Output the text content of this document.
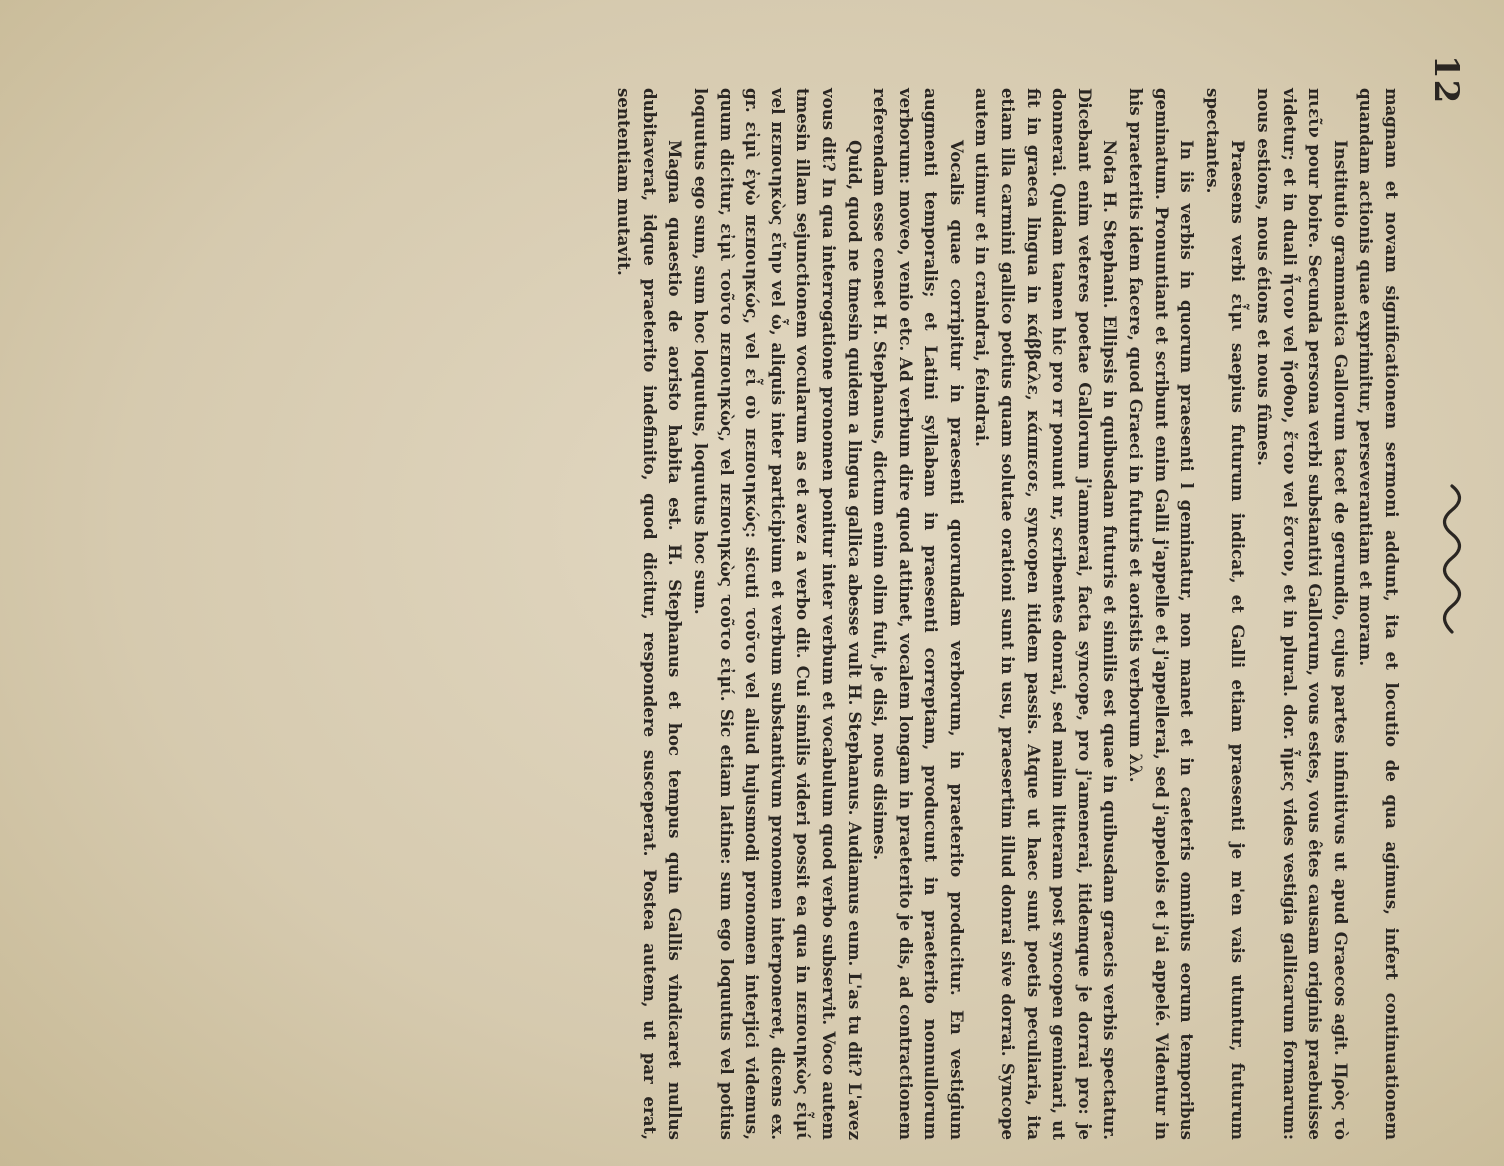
12

magnam et novam significationem sermoni addunt, ita et locutio de qua agimus, infert continuationem quandam actionis quae exprimitur, perseverantiam et moram.

Institutio grammatica Gallorum tacet de gerundio, cujus partes infinitivus ut apud Graecos agit. Πρὸς τὸ πιεῖν pour boire. Secunda persona verbi substantivi Gallorum, vous estes, vous êtes causam originis praebuisse videtur; et in duali ἦτον vel ἤσθον, ἔτον vel ἔστον, et in plural. dor. ἦμες vides vestigia gallicarum formarum: nous estions, nous étions et nous fûmes.

Praesens verbi εἶμι saepius futurum indicat, et Galli etiam praesenti je m'en vais utuntur, futurum spectantes.

In iis verbis in quorum praesenti l geminatur, non manet et in caeteris omnibus eorum temporibus geminatum. Pronuntiant et scribunt enim Galli j'appelle et j'appellerai, sed j'appelois et j'ai appelé. Videntur in his praeteritis idem facere, quod Graeci in futuris et aoristis verborum λλ.

Nota H. Stephani. Ellipsis in quibusdam futuris et similis est quae in quibusdam graecis verbis spectatur. Dicebant enim veteres poetae Gallorum j'ammerai, facta syncope, pro j'amenerai, itidemque je dorrai pro: je donnerai. Quidam tamen hic pro rr ponunt nr, scribentes donrai, sed malim litteram post syncopen geminari, ut fit in graeca lingua in κάββαλε, κάππεσε, syncopen itidem passis. Atque ut haec sunt poetis peculiaria, ita etiam illa carmini gallico potius quam solutae orationi sunt in usu, praesertim illud donrai sive dorrai. Syncope autem utimur et in craindrai, feindrai.

Vocalis quae corripitur in praesenti quorundam verborum, in praeterito producitur. En vestigium augmenti temporalis; et Latini syllabam in praesenti correptam, producunt in praeterito nonnullorum verborum: moveo, venio etc. Ad verbum dire quod attinet, vocalem longam in praeterito je dis, ad contractionem referendam esse censet H. Stephanus, dictum enim olim fuit, je disi, nous disimes.

Quid, quod ne tmesin quidem a lingua gallica abesse vult H. Stephanus. Audiamus eum. L'as tu dit? L'avez vous dit? In qua interrogatione pronomen ponitur inter verbum et vocabulum quod verbo subservit. Voco autem tmesin illam sejunctionem vocularum as et avez a verbo dit. Cui similis videri possit ea qua in πεποιηκὼς εἶμί vel πεποιηκὼς εἴην vel ὦ, aliquis inter participium et verbum substantivum pronomen interponeret, dicens ex. gr. εἰμὶ ἐγὼ πεποιηκώς, vel εἶ σὺ πεποιηκώς: sicuti τοῦτο vel aliud hujusmodi pronomen interjici videmus, quum dicitur, εἰμὶ τοῦτο πεποιηκὼς, vel πεποιηκὼς τοῦτο εἰμί. Sic etiam latine: sum ego loquutus vel potius loquutus ego sum, sum hoc loquutus, loquutus hoc sum.

Magna quaestio de aoristo habita est. H. Stephanus et hoc tempus quin Gallis vindicaret nullus dubitaverat, idque praeterito indefinito, quod dicitur, respondere susceperat. Postea autem, ut par erat, sententiam mutavit.
